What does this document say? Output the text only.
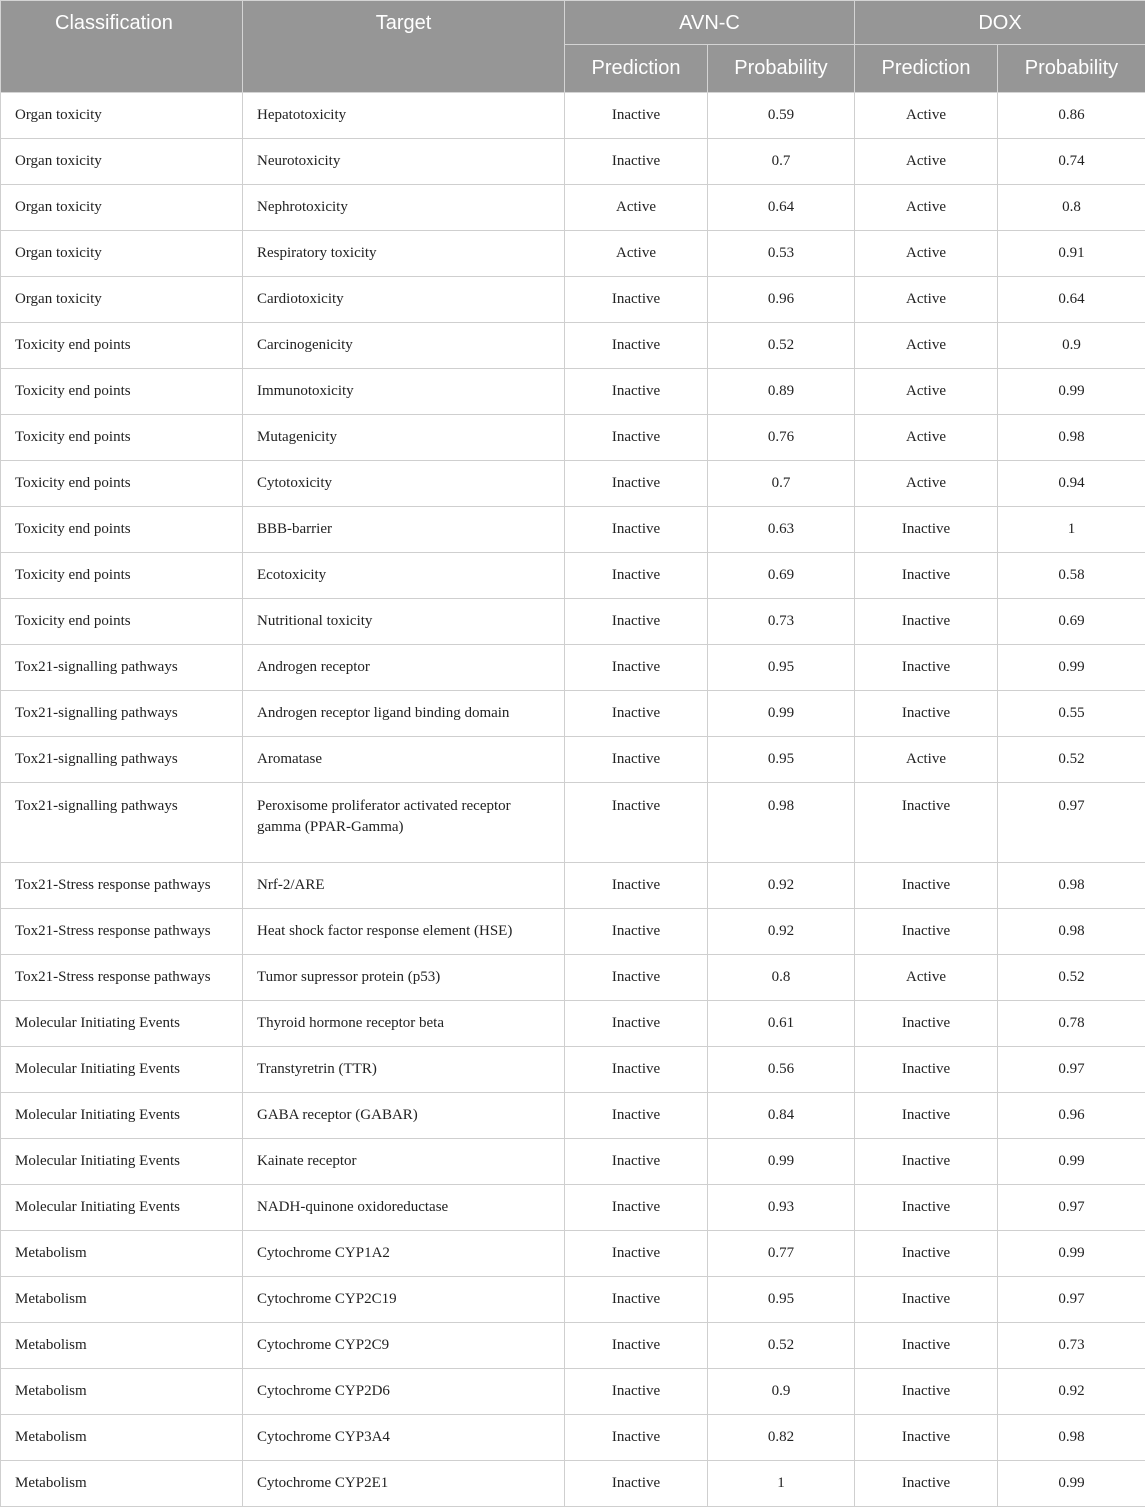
Classification	Target	AVN-C		DOX	
		Prediction	Probability	Prediction	Probability
Organ toxicity	Hepatotoxicity	Inactive	0.59	Active	0.86
Organ toxicity	Neurotoxicity	Inactive	0.7	Active	0.74
Organ toxicity	Nephrotoxicity	Active	0.64	Active	0.8
Organ toxicity	Respiratory toxicity	Active	0.53	Active	0.91
Organ toxicity	Cardiotoxicity	Inactive	0.96	Active	0.64
Toxicity end points	Carcinogenicity	Inactive	0.52	Active	0.9
Toxicity end points	Immunotoxicity	Inactive	0.89	Active	0.99
Toxicity end points	Mutagenicity	Inactive	0.76	Active	0.98
Toxicity end points	Cytotoxicity	Inactive	0.7	Active	0.94
Toxicity end points	BBB-barrier	Inactive	0.63	Inactive	1
Toxicity end points	Ecotoxicity	Inactive	0.69	Inactive	0.58
Toxicity end points	Nutritional toxicity	Inactive	0.73	Inactive	0.69
Tox21-signalling pathways	Androgen receptor	Inactive	0.95	Inactive	0.99
Tox21-signalling pathways	Androgen receptor ligand binding domain	Inactive	0.99	Inactive	0.55
Tox21-signalling pathways	Aromatase	Inactive	0.95	Active	0.52
Tox21-signalling pathways	Peroxisome proliferator activated receptor gamma (PPAR-Gamma)	Inactive	0.98	Inactive	0.97
Tox21-Stress response pathways	Nrf-2/ARE	Inactive	0.92	Inactive	0.98
Tox21-Stress response pathways	Heat shock factor response element (HSE)	Inactive	0.92	Inactive	0.98
Tox21-Stress response pathways	Tumor supressor protein (p53)	Inactive	0.8	Active	0.52
Molecular Initiating Events	Thyroid hormone receptor beta	Inactive	0.61	Inactive	0.78
Molecular Initiating Events	Transtyretrin (TTR)	Inactive	0.56	Inactive	0.97
Molecular Initiating Events	GABA receptor (GABAR)	Inactive	0.84	Inactive	0.96
Molecular Initiating Events	Kainate receptor	Inactive	0.99	Inactive	0.99
Molecular Initiating Events	NADH-quinone oxidoreductase	Inactive	0.93	Inactive	0.97
Metabolism	Cytochrome CYP1A2	Inactive	0.77	Inactive	0.99
Metabolism	Cytochrome CYP2C19	Inactive	0.95	Inactive	0.97
Metabolism	Cytochrome CYP2C9	Inactive	0.52	Inactive	0.73
Metabolism	Cytochrome CYP2D6	Inactive	0.9	Inactive	0.92
Metabolism	Cytochrome CYP3A4	Inactive	0.82	Inactive	0.98
Metabolism	Cytochrome CYP2E1	Inactive	1	Inactive	0.99
